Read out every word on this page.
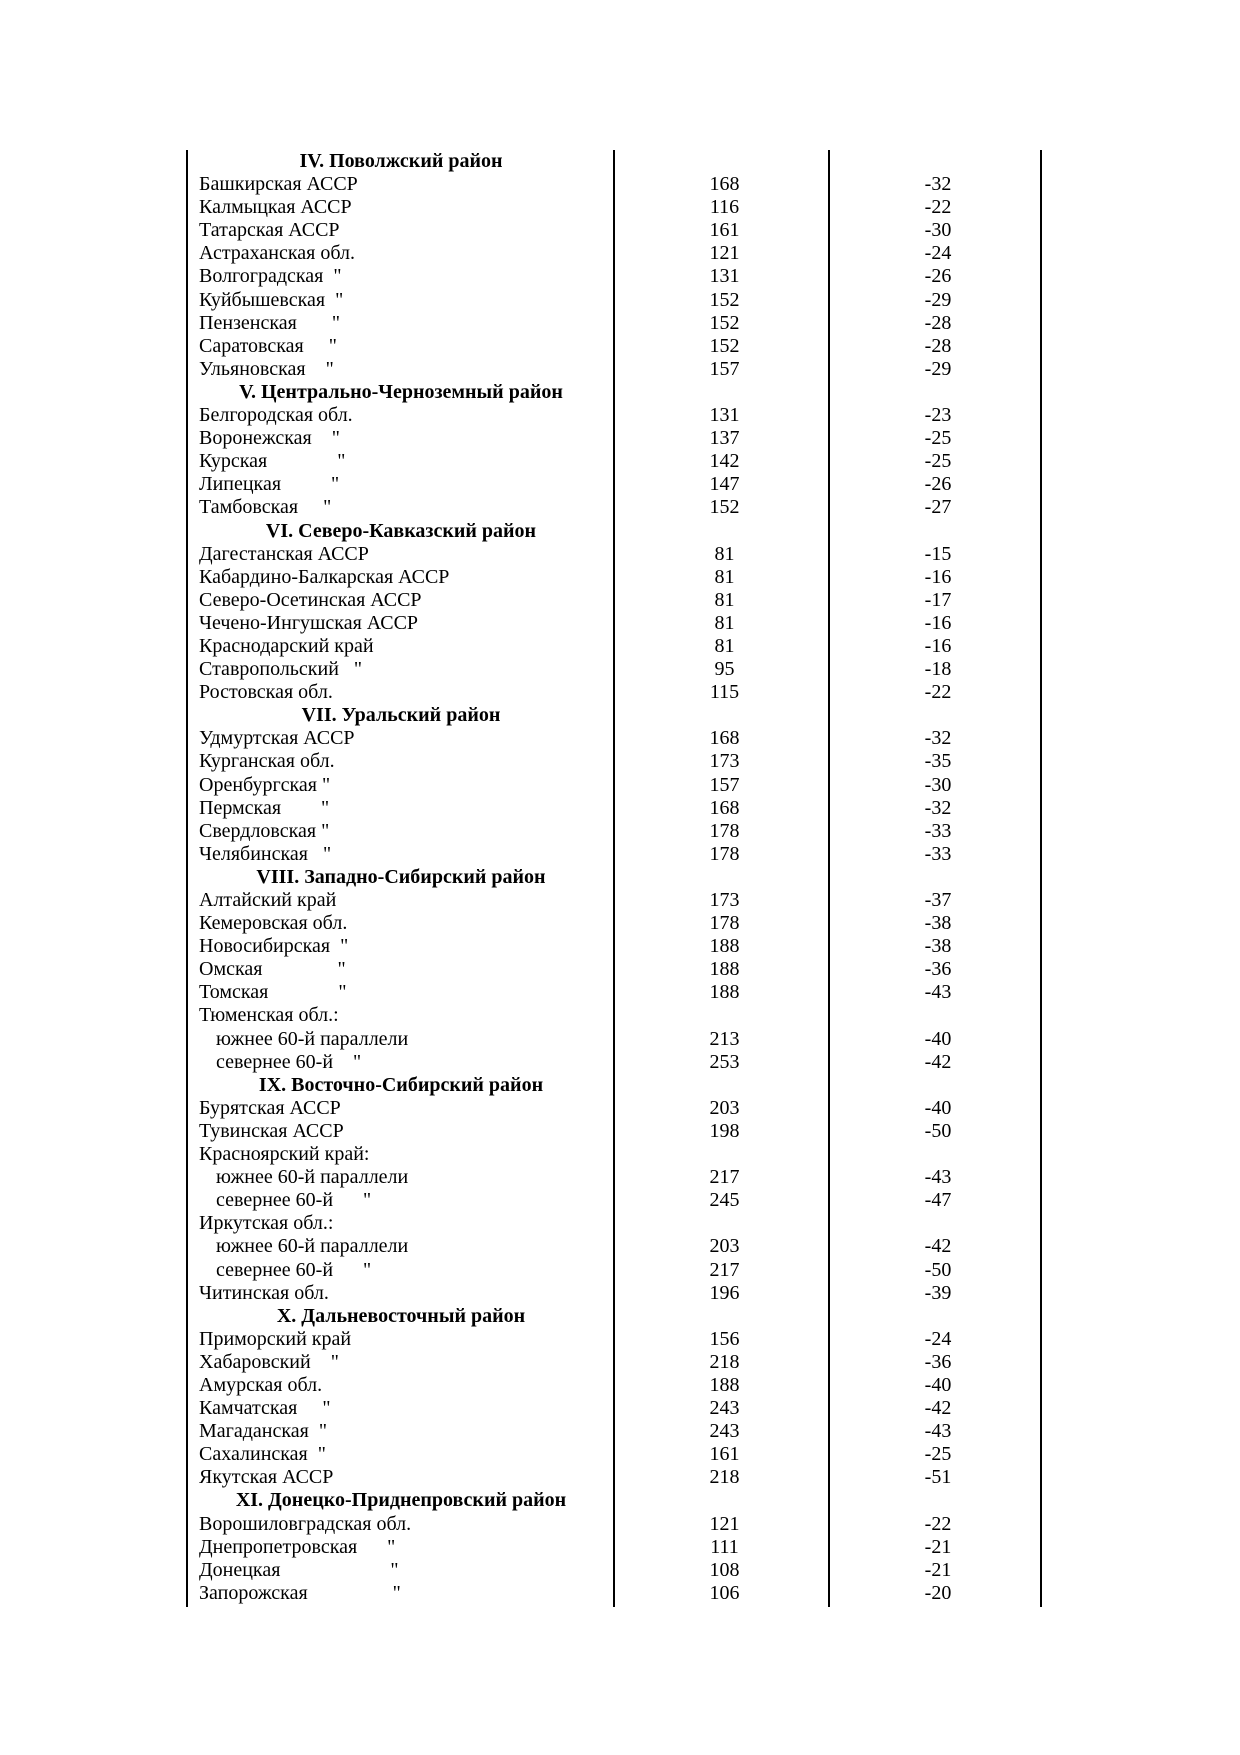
IV. Поволжский район
Башкирская АССР	168	-32
Калмыцкая АССР	116	-22
Татарская АССР	161	-30
Астраханская обл.	121	-24
Волгоградская  "	131	-26
Куйбышевская  "	152	-29
Пензенская       "	152	-28
Саратовская     "	152	-28
Ульяновская    "	157	-29
V. Центрально-Черноземный район
Белгородская обл.	131	-23
Воронежская    "	137	-25
Курская              "	142	-25
Липецкая          "	147	-26
Тамбовская     "	152	-27
VI. Северо-Кавказский район
Дагестанская АССР	81	-15
Кабардино-Балкарская АССР	81	-16
Северо-Осетинская АССР	81	-17
Чечено-Ингушская АССР	81	-16
Краснодарский край	81	-16
Ставропольский   "	95	-18
Ростовская обл.	115	-22
VII. Уральский район
Удмуртская АССР	168	-32
Курганская обл.	173	-35
Оренбургская "	157	-30
Пермская        "	168	-32
Свердловская "	178	-33
Челябинская   "	178	-33
VIII. Западно-Сибирский район
Алтайский край	173	-37
Кемеровская обл.	178	-38
Новосибирская  "	188	-38
Омская               "	188	-36
Томская              "	188	-43
Тюменская обл.:
южнее 60-й параллели	213	-40
севернее 60-й    "	253	-42
IX. Восточно-Сибирский район
Бурятская АССР	203	-40
Тувинская АССР	198	-50
Красноярский край:
южнее 60-й параллели	217	-43
севернее 60-й      "	245	-47
Иркутская обл.:
южнее 60-й параллели	203	-42
севернее 60-й      "	217	-50
Читинская обл.	196	-39
X. Дальневосточный район
Приморский край	156	-24
Хабаровский    "	218	-36
Амурская обл.	188	-40
Камчатская     "	243	-42
Магаданская  "	243	-43
Сахалинская  "	161	-25
Якутская АССР	218	-51
XI. Донецко-Приднепровский район
Ворошиловградская обл.	121	-22
Днепропетровская      "	111	-21
Донецкая                      "	108	-21
Запорожская                 "	106	-20
